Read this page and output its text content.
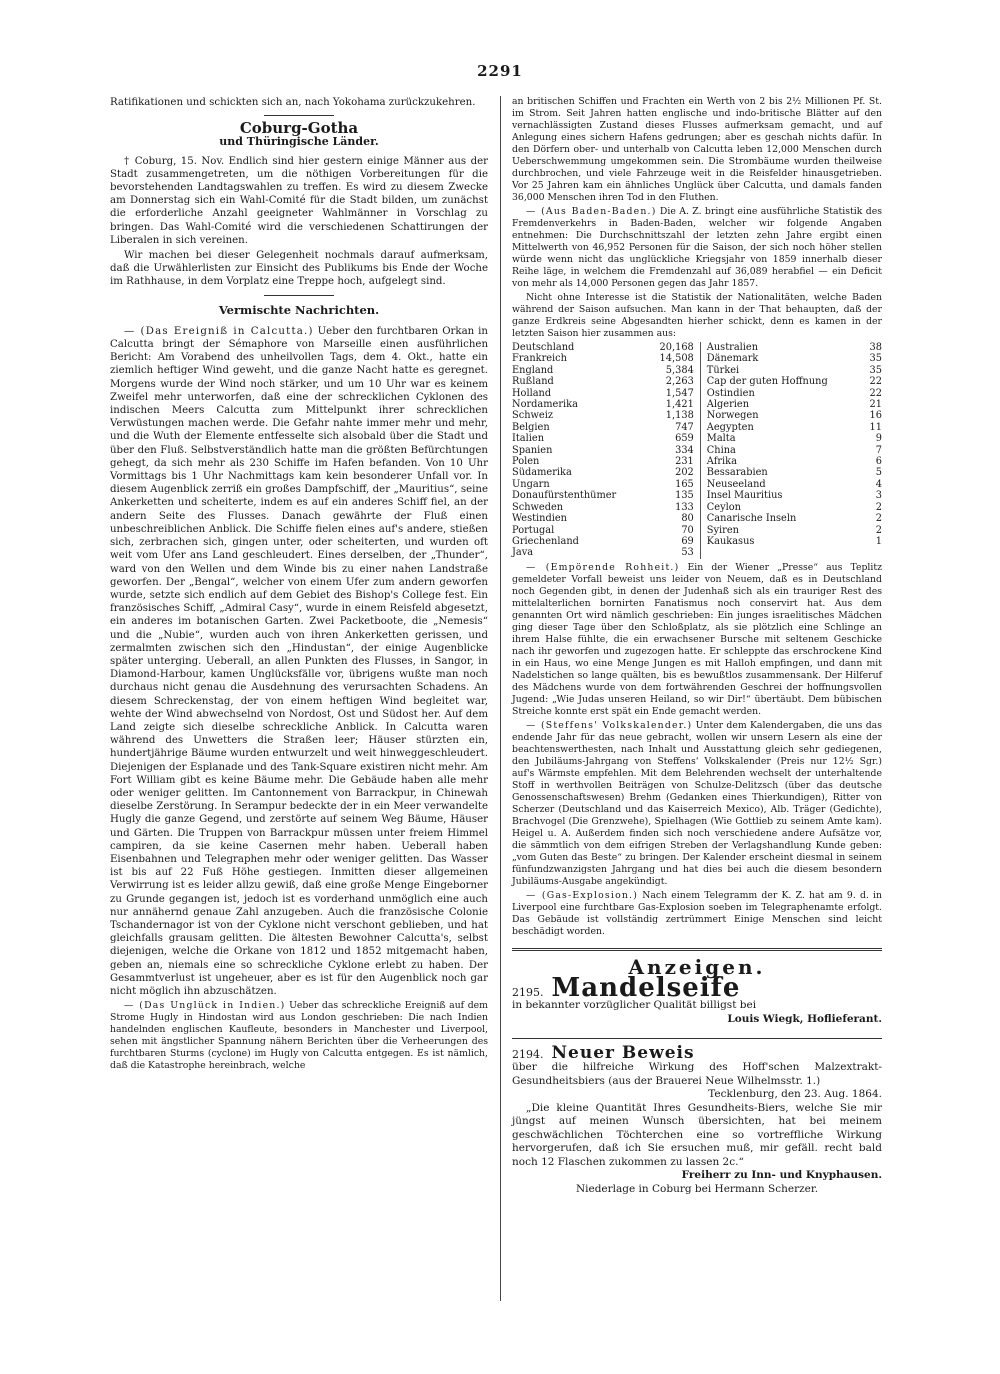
2291

Ratifikationen und schickten sich an, nach Yokohama zurückzukehren.

Coburg-Gotha
und Thüringische Länder.

† Coburg, 15. Nov. Endlich sind hier gestern einige Männer aus der Stadt zusammengetreten, um die nöthigen Vorbereitungen für die bevorstehenden Landtagswahlen zu treffen. Es wird zu diesem Zwecke am Donnerstag sich ein Wahl-Comité für die Stadt bilden, um zunächst die erforderliche Anzahl geeigneter Wahlmänner in Vorschlag zu bringen. Das Wahl-Comité wird die verschiedenen Schattirungen der Liberalen in sich vereinen.

Wir machen bei dieser Gelegenheit nochmals darauf aufmerksam, daß die Urwählerlisten zur Einsicht des Publikums bis Ende der Woche im Rathhause, in dem Vorplatz eine Treppe hoch, aufgelegt sind.

Vermischte Nachrichten.

— (Das Ereigniß in Calcutta.) Ueber den furchtbaren Orkan in Calcutta bringt der Sémaphore von Marseille einen ausführlichen Bericht: Am Vorabend des unheilvollen Tags, dem 4. Okt., hatte ein ziemlich heftiger Wind geweht, und die ganze Nacht hatte es geregnet. Morgens wurde der Wind noch stärker, und um 10 Uhr war es keinem Zweifel mehr unterworfen, daß eine der schrecklichen Cyklonen des indischen Meers Calcutta zum Mittelpunkt ihrer schrecklichen Verwüstungen machen werde. Die Gefahr nahte immer mehr und mehr, und die Wuth der Elemente entfesselte sich alsobald über die Stadt und über den Fluß. Selbstverständlich hatte man die größten Befürchtungen gehegt, da sich mehr als 230 Schiffe im Hafen befanden. Von 10 Uhr Vormittags bis 1 Uhr Nachmittags kam kein besonderer Unfall vor. In diesem Augenblick zerriß ein großes Dampfschiff, der „Mauritius“, seine Ankerketten und scheiterte, indem es auf ein anderes Schiff fiel, an der andern Seite des Flusses. Danach gewährte der Fluß einen unbeschreiblichen Anblick. Die Schiffe fielen eines auf's andere, stießen sich, zerbrachen sich, gingen unter, oder scheiterten, und wurden oft weit vom Ufer ans Land geschleudert. Eines derselben, der „Thunder“, ward von den Wellen und dem Winde bis zu einer nahen Landstraße geworfen. Der „Bengal“, welcher von einem Ufer zum andern geworfen wurde, setzte sich endlich auf dem Gebiet des Bishop's College fest. Ein französisches Schiff, „Admiral Casy“, wurde in einem Reisfeld abgesetzt, ein anderes im botanischen Garten. Zwei Packetboote, die „Nemesis“ und die „Nubie“, wurden auch von ihren Ankerketten gerissen, und zermalmten zwischen sich den „Hindustan“, der einige Augenblicke später unterging. Ueberall, an allen Punkten des Flusses, in Sangor, in Diamond-Harbour, kamen Unglücksfälle vor, übrigens wußte man noch durchaus nicht genau die Ausdehnung des verursachten Schadens. An diesem Schreckenstag, der von einem heftigen Wind begleitet war, wehte der Wind abwechselnd von Nordost, Ost und Südost her. Auf dem Land zeigte sich dieselbe schreckliche Anblick. In Calcutta waren während des Unwetters die Straßen leer; Häuser stürzten ein, hundertjährige Bäume wurden entwurzelt und weit hinweggeschleudert. Diejenigen der Esplanade und des Tank-Square existiren nicht mehr. Am Fort William gibt es keine Bäume mehr. Die Gebäude haben alle mehr oder weniger gelitten. Im Cantonnement von Barrackpur, in Chinewah dieselbe Zerstörung. In Serampur bedeckte der in ein Meer verwandelte Hugly die ganze Gegend, und zerstörte auf seinem Weg Bäume, Häuser und Gärten. Die Truppen von Barrackpur müssen unter freiem Himmel campiren, da sie keine Casernen mehr haben. Ueberall haben Eisenbahnen und Telegraphen mehr oder weniger gelitten. Das Wasser ist bis auf 22 Fuß Höhe gestiegen. Inmitten dieser allgemeinen Verwirrung ist es leider allzu gewiß, daß eine große Menge Eingeborner zu Grunde gegangen ist, jedoch ist es vorderhand unmöglich eine auch nur annähernd genaue Zahl anzugeben. Auch die französische Colonie Tschandernagor ist von der Cyklone nicht verschont geblieben, und hat gleichfalls grausam gelitten. Die ältesten Bewohner Calcutta's, selbst diejenigen, welche die Orkane von 1812 und 1852 mitgemacht haben, geben an, niemals eine so schreckliche Cyklone erlebt zu haben. Der Gesammtverlust ist ungeheuer, aber es ist für den Augenblick noch gar nicht möglich ihn abzuschätzen.

— (Das Unglück in Indien.) Ueber das schreckliche Ereigniß auf dem Strome Hugly in Hindostan wird aus London geschrieben: Die nach Indien handelnden englischen Kaufleute, besonders in Manchester und Liverpool, sehen mit ängstlicher Spannung nähern Berichten über die Verheerungen des furchtbaren Sturms (cyclone) im Hugly von Calcutta entgegen. Es ist nämlich, daß die Katastrophe hereinbrach, welche

an britischen Schiffen und Frachten ein Werth von 2 bis 2½ Millionen Pf. St. im Strom. Seit Jahren hatten englische und indo-britische Blätter auf den vernachlässigten Zustand dieses Flusses aufmerksam gemacht, und auf Anlegung eines sichern Hafens gedrungen; aber es geschah nichts dafür. In den Dörfern ober- und unterhalb von Calcutta leben 12,000 Menschen durch Ueberschwemmung umgekommen sein. Die Strombäume wurden theilweise durchbrochen, und viele Fahrzeuge weit in die Reisfelder hinausgetrieben. Vor 25 Jahren kam ein ähnliches Unglück über Calcutta, und damals fanden 36,000 Menschen ihren Tod in den Fluthen.

— (Aus Baden-Baden.) Die A. Z. bringt eine ausführliche Statistik des Fremdenverkehrs in Baden-Baden, welcher wir folgende Angaben entnehmen: Die Durchschnittszahl der letzten zehn Jahre ergibt einen Mittelwerth von 46,952 Personen für die Saison, der sich noch höher stellen würde wenn nicht das unglückliche Kriegsjahr von 1859 innerhalb dieser Reihe läge, in welchem die Fremdenzahl auf 36,089 herabfiel — ein Deficit von mehr als 14,000 Personen gegen das Jahr 1857.

Nicht ohne Interesse ist die Statistik der Nationalitäten, welche Baden während der Saison aufsuchen. Man kann in der That behaupten, daß der ganze Erdkreis seine Abgesandten hierher schickt, denn es kamen in der letzten Saison hier zusammen aus:

Deutschland	20,168	Australien	38
Frankreich	14,508	Dänemark	35
England	5,384	Türkei	35
Rußland	2,263	Cap der guten Hoffnung	22
Holland	1,547	Ostindien	22
Nordamerika	1,421	Algerien	21
Schweiz	1,138	Norwegen	16
Belgien	747	Aegypten	11
Italien	659	Malta	9
Spanien	334	China	7
Polen	231	Afrika	6
Südamerika	202	Bessarabien	5
Ungarn	165	Neuseeland	4
Donaufürstenthümer	135	Insel Mauritius	3
Schweden	133	Ceylon	2
Westindien	80	Canarische Inseln	2
Portugal	70	Syiren	2
Griechenland	69	Kaukasus	1
Java	53		

— (Empörende Rohheit.) Ein der Wiener „Presse“ aus Teplitz gemeldeter Vorfall beweist uns leider von Neuem, daß es in Deutschland noch Gegenden gibt, in denen der Judenhaß sich als ein trauriger Rest des mittelalterlichen bornirten Fanatismus noch conservirt hat. Aus dem genannten Ort wird nämlich geschrieben: Ein junges israelitisches Mädchen ging dieser Tage über den Schloßplatz, als sie plötzlich eine Schlinge an ihrem Halse fühlte, die ein erwachsener Bursche mit seltenem Geschicke nach ihr geworfen und zugezogen hatte. Er schleppte das erschrockene Kind in ein Haus, wo eine Menge Jungen es mit Halloh empfingen, und dann mit Nadelstichen so lange quälten, bis es bewußtlos zusammensank. Der Hilferuf des Mädchens wurde von dem fortwährenden Geschrei der hoffnungsvollen Jugend: „Wie Judas unseren Heiland, so wir Dir!“ übertäubt. Dem bübischen Streiche konnte erst spät ein Ende gemacht werden.

— (Steffens' Volkskalender.) Unter dem Kalendergaben, die uns das endende Jahr für das neue gebracht, wollen wir unsern Lesern als eine der beachtenswerthesten, nach Inhalt und Ausstattung gleich sehr gediegenen, den Jubiläums-Jahrgang von Steffens' Volkskalender (Preis nur 12½ Sgr.) auf's Wärmste empfehlen. Mit dem Belehrenden wechselt der unterhaltende Stoff in werthvollen Beiträgen von Schulze-Delitzsch (über das deutsche Genossenschaftswesen) Brehm (Gedanken eines Thierkundigen), Ritter von Scherzer (Deutschland und das Kaiserreich Mexico), Alb. Träger (Gedichte), Brachvogel (Die Grenzwehe), Spielhagen (Wie Gottlieb zu seinem Amte kam). Heigel u. A. Außerdem finden sich noch verschiedene andere Aufsätze vor, die sämmtlich von dem eifrigen Streben der Verlagshandlung Kunde geben: „vom Guten das Beste“ zu bringen. Der Kalender erscheint diesmal in seinem fünfundzwanzigsten Jahrgang und hat dies bei auch die diesem besondern Jubiläums-Ausgabe angekündigt.

— (Gas-Explosion.) Nach einem Telegramm der K. Z. hat am 9. d. in Liverpool eine furchtbare Gas-Explosion soeben im Telegraphenamte erfolgt. Das Gebäude ist vollständig zertrümmert Einige Menschen sind leicht beschädigt worden.

Anzeigen.
2195. Mandelseife
in bekannter vorzüglicher Qualität billigst bei
Louis Wiegk, Hoflieferant.
2194. Neuer Beweis
über die hilfreiche Wirkung des Hoff'schen Malzextrakt-Gesundheitsbiers (aus der Brauerei Neue Wilhelmsstr. 1.)
Tecklenburg, den 23. Aug. 1864.
„Die kleine Quantität Ihres Gesundheits-Biers, welche Sie mir jüngst auf meinen Wunsch übersichten, hat bei meinem geschwächlichen Töchterchen eine so vortreffliche Wirkung hervorgerufen, daß ich Sie ersuchen muß, mir gefäll. recht bald noch 12 Flaschen zukommen zu lassen 2c.“
Freiherr zu Inn- und Knyphausen.
Niederlage in Coburg bei Hermann Scherzer.
